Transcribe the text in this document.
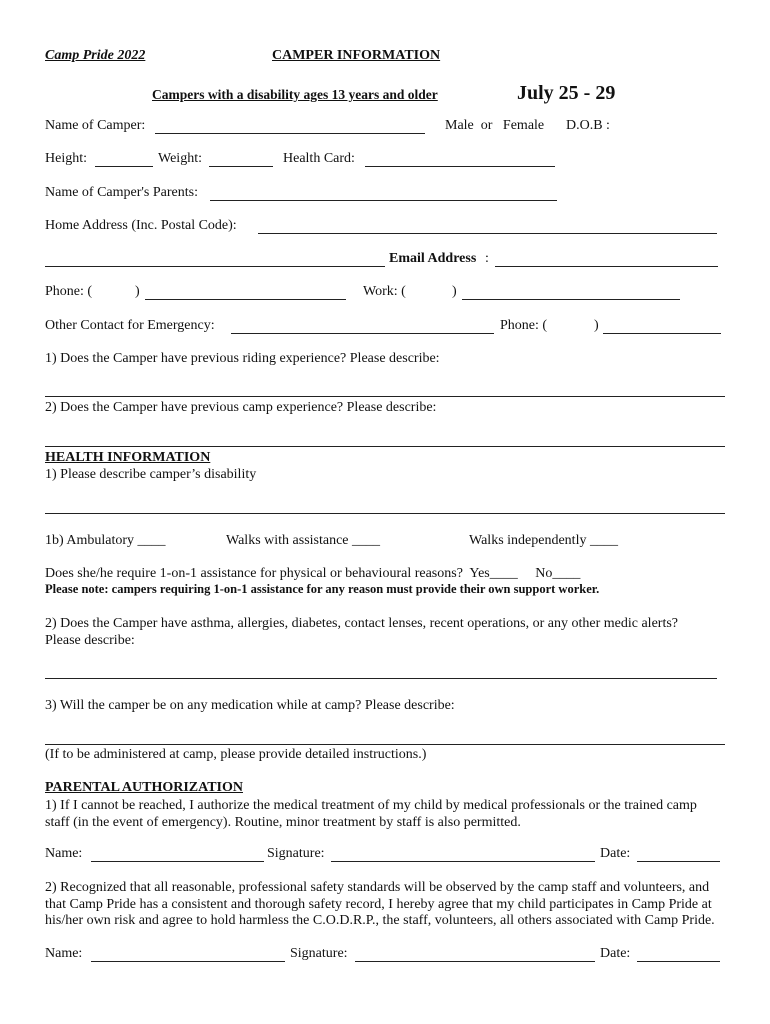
Camp Pride 2022	CAMPER INFORMATION
Campers with a disability ages 13 years and older	July 25 - 29
Name of Camper:	Male  or   Female D.O.B :
Height:	Weight:	Health Card:
Name of Camper's Parents:
Home Address (Inc. Postal Code):
Email Address :
Phone: (	)	Work: (	)
Other Contact for Emergency:	Phone: (	)
1) Does the Camper have previous riding experience? Please describe:
2) Does the Camper have previous camp experience? Please describe:
HEALTH INFORMATION
1) Please describe camper’s disability
1b) Ambulatory ____	Walks with assistance ____	Walks independently ____
Does she/he require 1-on-1 assistance for physical or behavioural reasons?  Yes____     No____
Please note: campers requiring 1-on-1 assistance for any reason must provide their own support worker.
2) Does the Camper have asthma, allergies, diabetes, contact lenses, recent operations, or any other medic alerts? Please describe:
3) Will the camper be on any medication while at camp? Please describe:
(If to be administered at camp, please provide detailed instructions.)
PARENTAL AUTHORIZATION
1) If I cannot be reached, I authorize the medical treatment of my child by medical professionals or the trained camp staff (in the event of emergency). Routine, minor treatment by staff is also permitted.
Name:	Signature:	Date:
2) Recognized that all reasonable, professional safety standards will be observed by the camp staff and volunteers, and that Camp Pride has a consistent and thorough safety record, I hereby agree that my child participates in Camp Pride at his/her own risk and agree to hold harmless the C.O.D.R.P., the staff, volunteers, all others associated with Camp Pride.
Name:	Signature:	Date:
